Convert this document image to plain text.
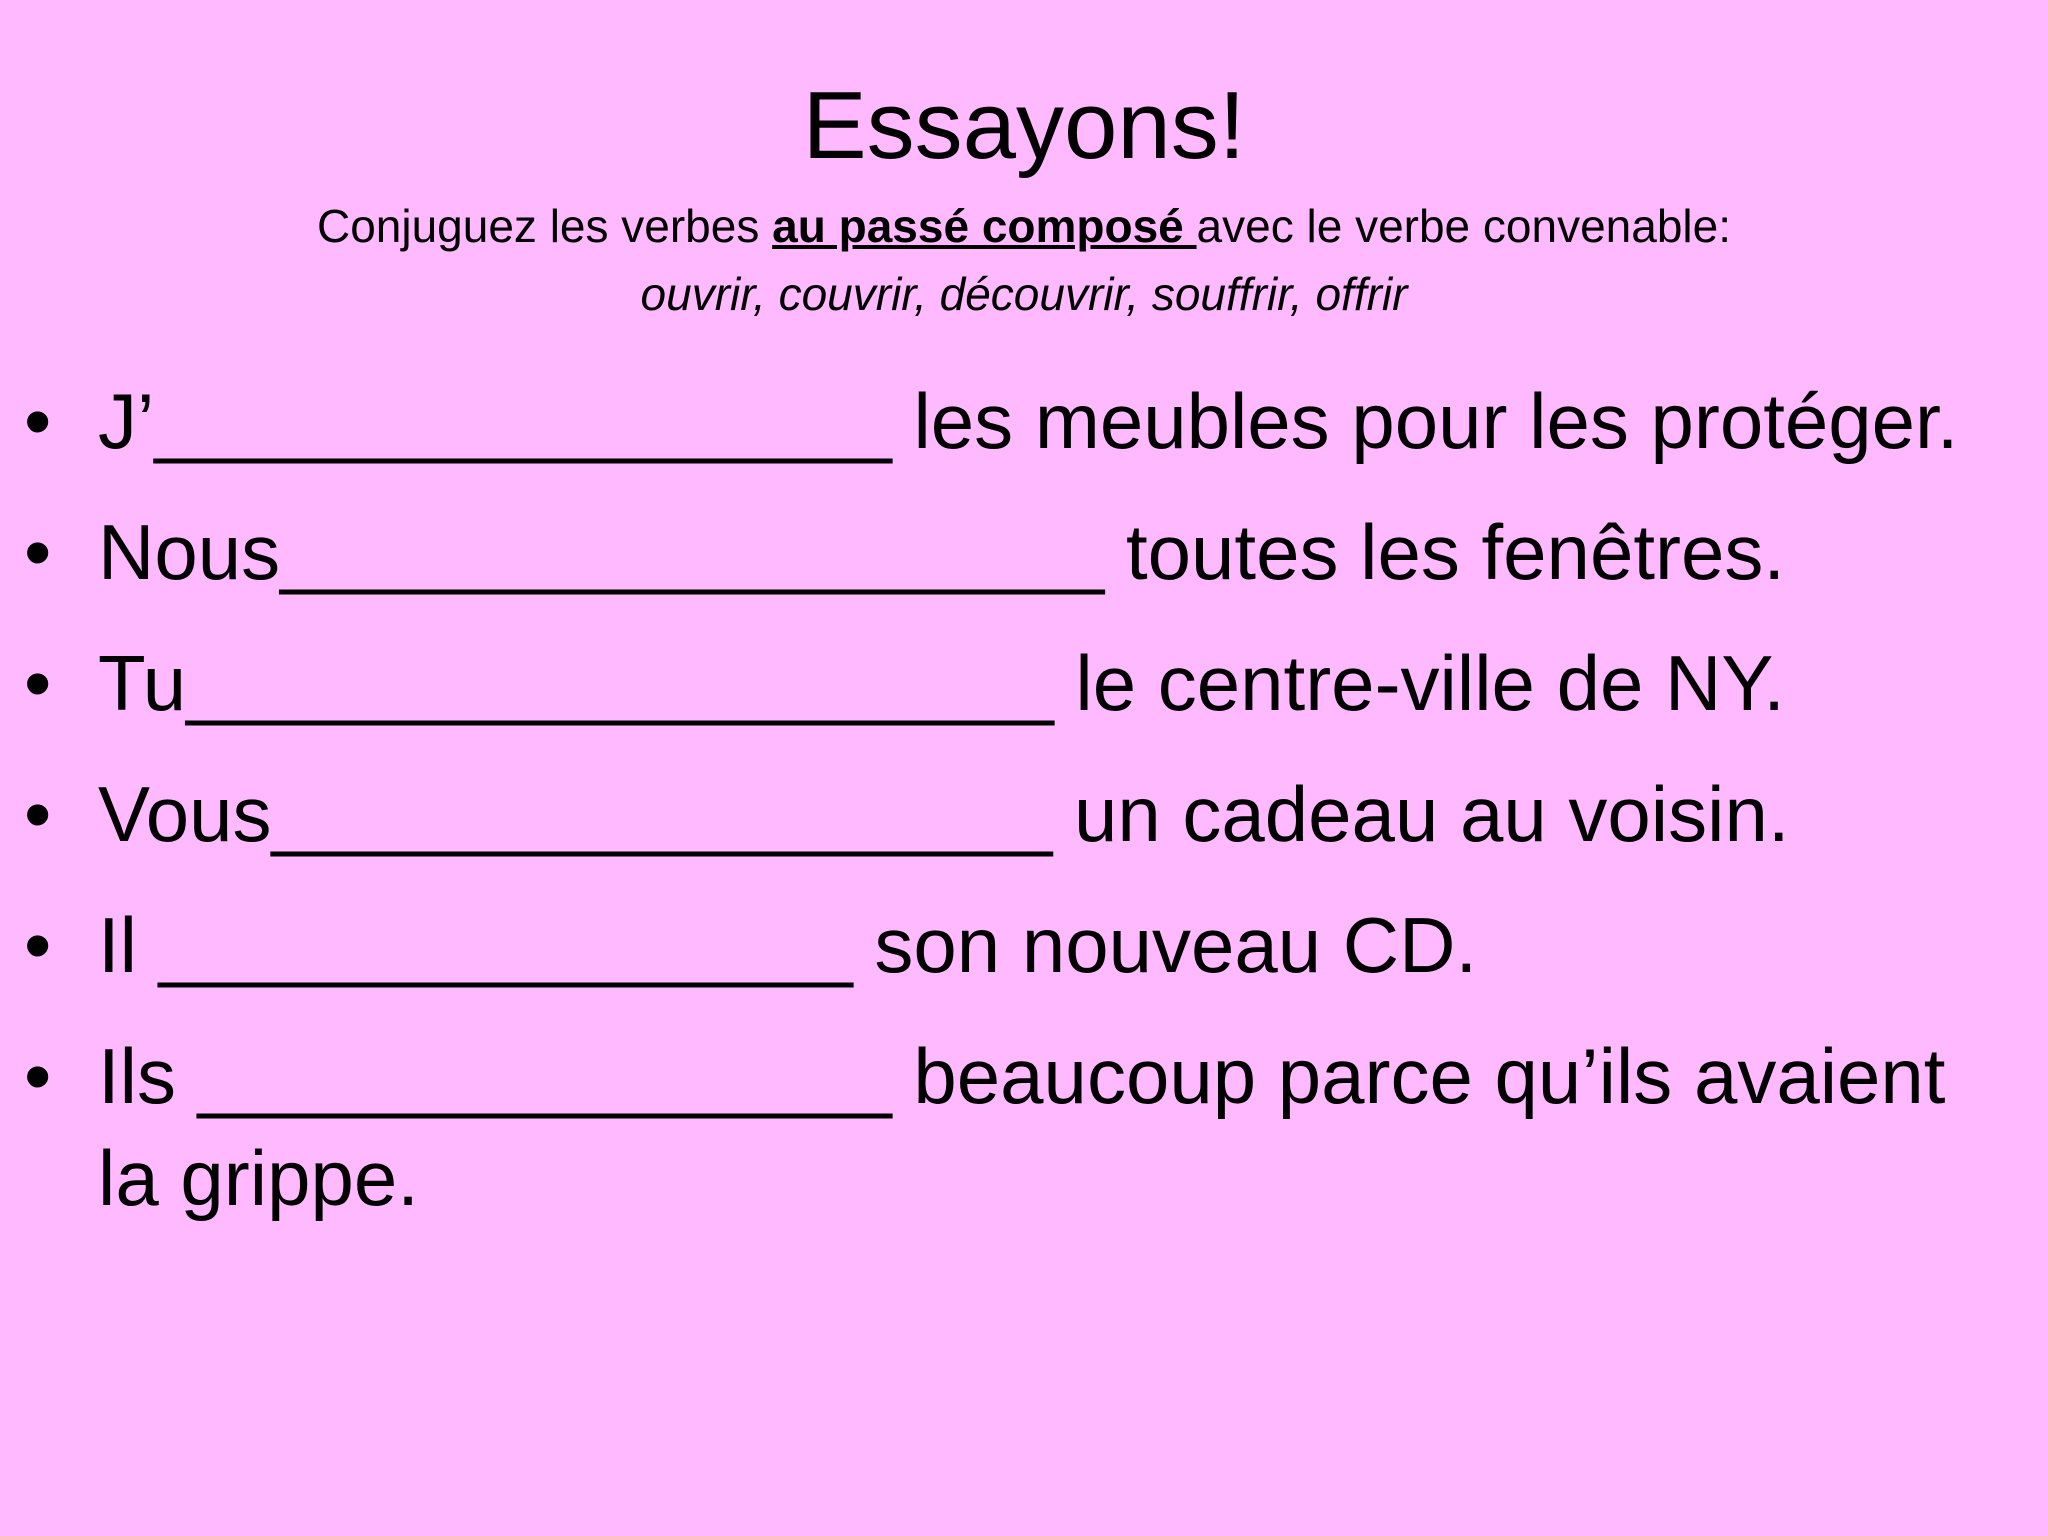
Essayons!
Conjuguez les verbes au passé composé avec le verbe convenable:
ouvrir, couvrir, découvrir, souffrir, offrir
• J’_________________ les meubles pour les protéger.
• Nous___________________ toutes les fenêtres.
• Tu____________________ le centre-ville de NY.
• Vous__________________ un cadeau au voisin.
• Il ________________ son nouveau CD.
• Ils ________________ beaucoup parce qu’ils avaient la grippe.
